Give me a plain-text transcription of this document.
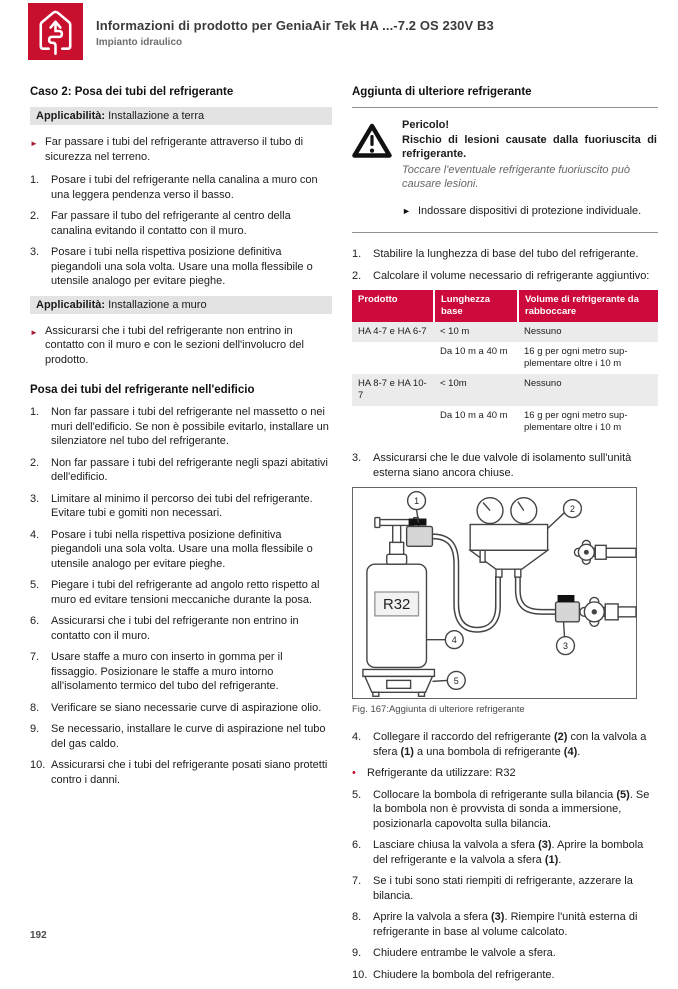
Informazioni di prodotto per GeniaAir Tek HA ...-7.2 OS 230V B3
Impianto idraulico
Caso 2: Posa dei tubi del refrigerante
Applicabilità: Installazione a terra
► Far passare i tubi del refrigerante attraverso il tubo di sicurezza nel terreno.
1.	Posare i tubi del refrigerante nella canalina a muro con una leggera pendenza verso il basso.
2.	Far passare il tubo del refrigerante al centro della canalina evitando il contatto con il muro.
3.	Posare i tubi nella rispettiva posizione definitiva piegandoli una sola volta. Usare una molla flessibile o utensile analogo per evitare pieghe.
Applicabilità: Installazione a muro
► Assicurarsi che i tubi del refrigerante non entrino in contatto con il muro e con le sezioni dell'involucro del prodotto.
Posa dei tubi del refrigerante nell'edificio
1.	Non far passare i tubi del refrigerante nel massetto o nei muri dell'edificio. Se non è possibile evitarlo, installare un silenziatore nel tubo del refrigerante.
2.	Non far passare i tubi del refrigerante negli spazi abitativi dell'edificio.
3.	Limitare al minimo il percorso dei tubi del refrigerante. Evitare tubi e gomiti non necessari.
4.	Posare i tubi nella rispettiva posizione definitiva piegandoli una sola volta. Usare una molla flessibile o utensile analogo per evitare pieghe.
5.	Piegare i tubi del refrigerante ad angolo retto rispetto al muro ed evitare tensioni meccaniche durante la posa.
6.	Assicurarsi che i tubi del refrigerante non entrino in contatto con il muro.
7.	Usare staffe a muro con inserto in gomma per il fissaggio. Posizionare le staffe a muro intorno all'isolamento termico del tubo del refrigerante.
8.	Verificare se siano necessarie curve di aspirazione olio.
9.	Se necessario, installare le curve di aspirazione nel tubo del gas caldo.
10. Assicurarsi che i tubi del refrigerante posati siano protetti contro i danni.
Aggiunta di ulteriore refrigerante
Pericolo!
Rischio di lesioni causate dalla fuoriuscita di refrigerante.
Toccare l'eventuale refrigerante fuoriuscito può causare lesioni.
► Indossare dispositivi di protezione individuale.
1.	Stabilire la lunghezza di base del tubo del refrigerante.
2.	Calcolare il volume necessario di refrigerante aggiuntivo:
Prodotto	Lunghezza base	Volume di refrigerante da rabboccare
HA 4-7 e HA 6-7	< 10 m	Nessuno
	Da 10 m a 40 m	16 g per ogni metro supplementare oltre i 10 m
HA 8-7 e HA 10-7	< 10m	Nessuno
	Da 10 m a 40 m	16 g per ogni metro supplementare oltre i 10 m
3.	Assicurarsi che le due valvole di isolamento sull'unità esterna siano ancora chiuse.
R32
1
2
3
4
5
Fig. 167:Aggiunta di ulteriore refrigerante
4.	Collegare il raccordo del refrigerante (2) con la valvola a sfera (1) a una bombola di refrigerante (4).
•	Refrigerante da utilizzare: R32
5.	Collocare la bombola di refrigerante sulla bilancia (5). Se la bombola non è provvista di sonda a immersione, posizionarla capovolta sulla bilancia.
6.	Lasciare chiusa la valvola a sfera (3). Aprire la bombola del refrigerante e la valvola a sfera (1).
7.	Se i tubi sono stati riempiti di refrigerante, azzerare la bilancia.
8.	Aprire la valvola a sfera (3). Riempire l'unità esterna di refrigerante in base al volume calcolato.
9.	Chiudere entrambe le valvole a sfera.
10. Chiudere la bombola del refrigerante.
192
